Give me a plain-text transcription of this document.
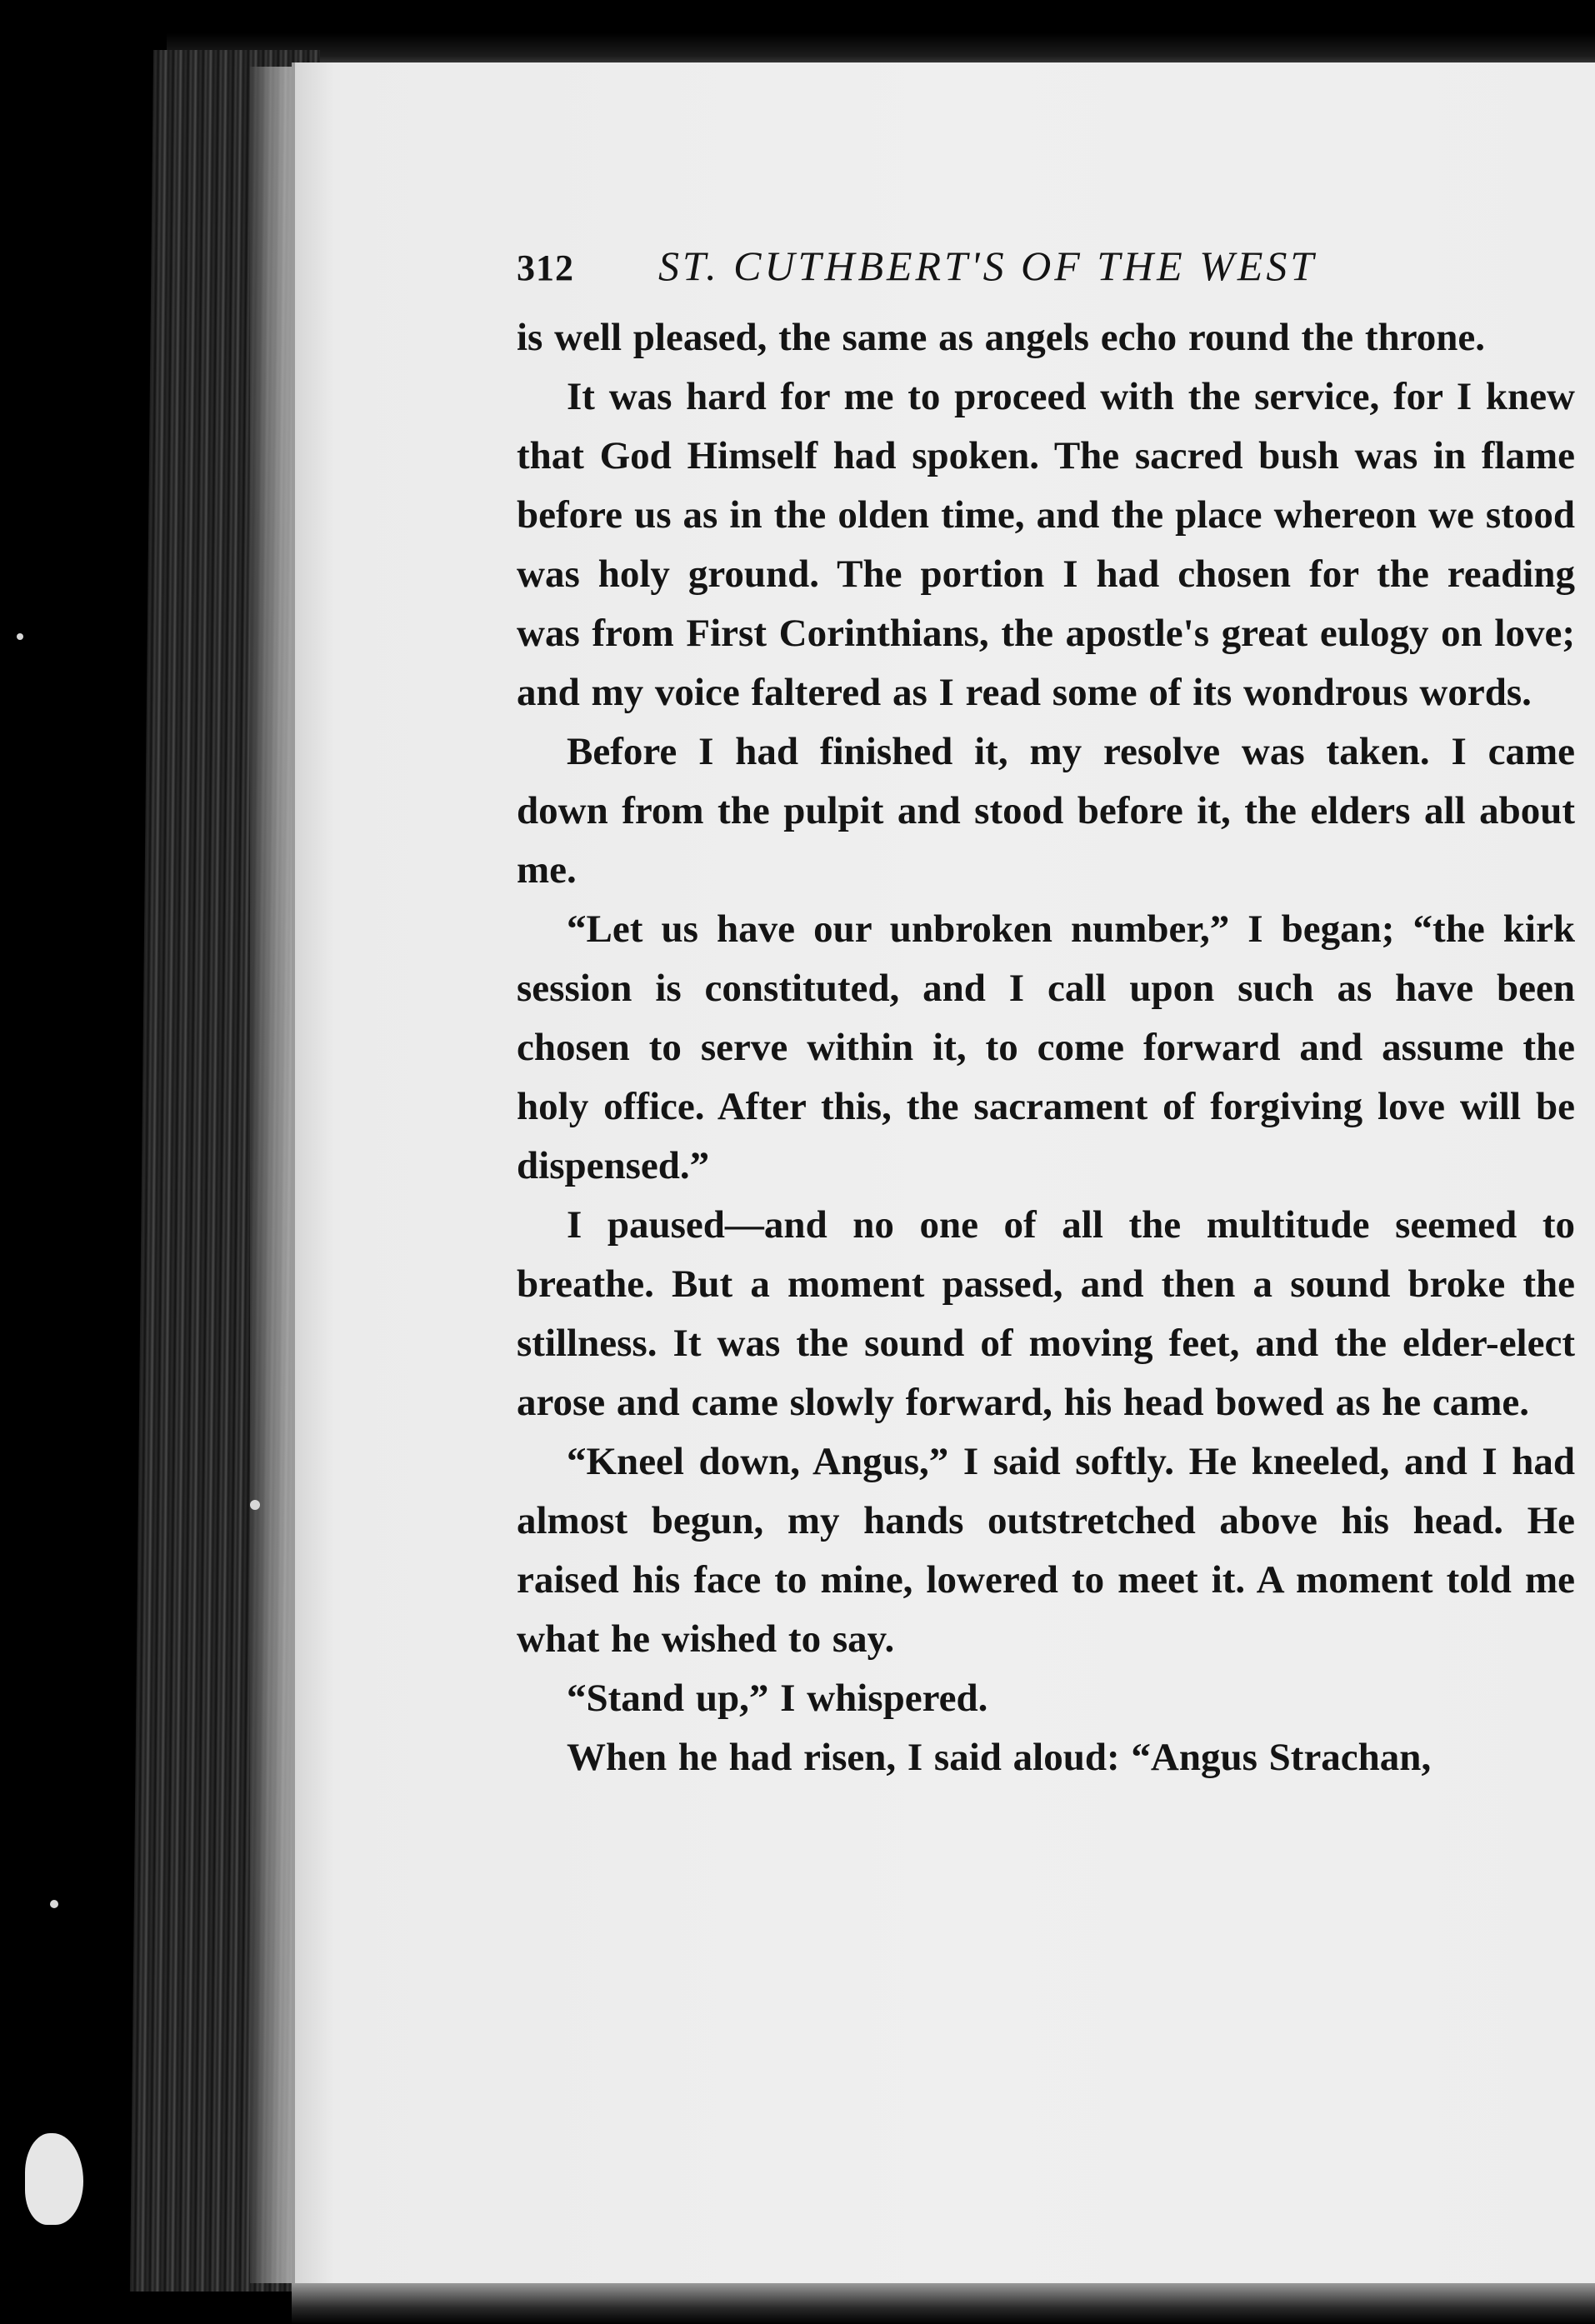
312	ST. CUTHBERT'S OF THE WEST

is well pleased, the same as angels echo round the throne.

It was hard for me to proceed with the service, for I knew that God Himself had spoken. The sacred bush was in flame before us as in the olden time, and the place whereon we stood was holy ground. The portion I had chosen for the reading was from First Corinthians, the apostle's great eulogy on love; and my voice faltered as I read some of its wondrous words.

Before I had finished it, my resolve was taken. I came down from the pulpit and stood before it, the elders all about me.

“Let us have our unbroken number,” I began; “the kirk session is constituted, and I call upon such as have been chosen to serve within it, to come forward and assume the holy office. After this, the sacrament of forgiving love will be dispensed.”

I paused—and no one of all the multitude seemed to breathe. But a moment passed, and then a sound broke the stillness. It was the sound of moving feet, and the elder-elect arose and came slowly forward, his head bowed as he came.

“Kneel down, Angus,” I said softly. He kneeled, and I had almost begun, my hands outstretched above his head. He raised his face to mine, lowered to meet it. A moment told me what he wished to say.

“Stand up,” I whispered.

When he had risen, I said aloud: “Angus Strachan,
